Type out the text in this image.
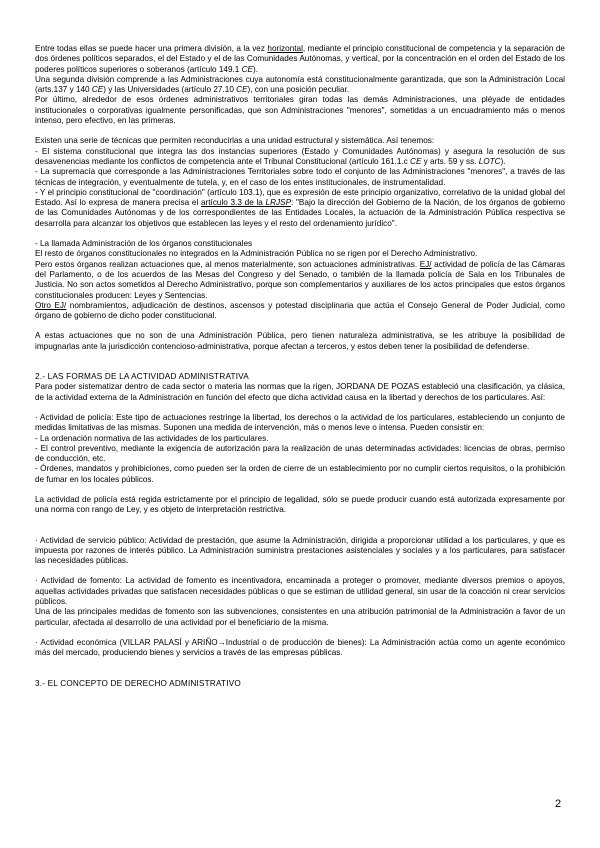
Entre todas ellas se puede hacer una primera división, a la vez horizontal, mediante el principio constitucional de competencia y la separación de dos órdenes políticos separados, el del Estado y el de las Comunidades Autónomas, y vertical, por la concentración en el orden del Estado de los poderes políticos superiores o soberanos (artículo 149.1 CE).

Una segunda división comprende a las Administraciones cuya autonomía está constitucionalmente garantizada, que son la Administración Local (arts.137 y 140 CE) y las Universidades (artículo 27.10 CE), con una posición peculiar.

Por último, alrededor de esos órdenes administrativos territoriales giran todas las demás Administraciones, una pléyade de entidades institucionales o corporativas igualmente personificadas, que son Administraciones "menores", sometidas a un encuadramiento más o menos intenso, pero efectivo, en las primeras.

Existen una serie de técnicas que permiten reconducirlas a una unidad estructural y sistemática. Así tenemos:

- El sistema constitucional que integra las dos instancias superiores (Estado y Comunidades Autónomas) y asegura la resolución de sus desavenencias mediante los conflictos de competencia ante el Tribunal Constitucional (artículo 161.1.c CE y arts. 59 y ss. LOTC).

- La supremacía que corresponde a las Administraciones Territoriales sobre todo el conjunto de las Administraciones "menores", a través de las técnicas de integración, y eventualmente de tutela, y, en el caso de los entes institucionales, de instrumentalidad.

- Y el principio constitucional de "coordinación" (artículo 103.1), que es expresión de este principio organizativo, correlativo de la unidad global del Estado. Así lo expresa de manera precisa el artículo 3.3 de la LRJSP: "Bajo la dirección del Gobierno de la Nación, de los órganos de gobierno de las Comunidades Autónomas y de los correspondientes de las Entidades Locales, la actuación de la Administración Pública respectiva se desarrolla para alcanzar los objetivos que establecen las leyes y el resto del ordenamiento jurídico".

- La llamada Administración de los órganos constitucionales

El resto de órganos constitucionales no integrados en la Administración Pública no se rigen por el Derecho Administrativo.

Pero estos órganos realizan actuaciones que, al menos materialmente, son actuaciones administrativas. EJ/ actividad de policía de las Cámaras del Parlamento, o de los acuerdos de las Mesas del Congreso y del Senado, o también de la llamada policía de Sala en los Tribunales de Justicia. No son actos sometidos al Derecho Administrativo, porque son complementarios y auxiliares de los actos principales que estos órganos constitucionales producen: Leyes y Sentencias.

Otro EJ/ nombramientos, adjudicación de destinos, ascensos y potestad disciplinaria que actúa el Consejo General de Poder Judicial, como órgano de gobierno de dicho poder constitucional.

A estas actuaciones que no son de una Administración Pública, pero tienen naturaleza administrativa, se les atribuye la posibilidad de impugnarlas ante la jurisdicción contencioso-administrativa, porque afectan a terceros, y estos deben tener la posibilidad de defenderse.

2.- LAS FORMAS DE LA ACTIVIDAD ADMINISTRATIVA

Para poder sistematizar dentro de cada sector o materia las normas que la rigen, JORDANA DE POZAS estableció una clasificación, ya clásica, de la actividad externa de la Administración en función del efecto que dicha actividad causa en la libertad y derechos de los particulares. Así:

· Actividad de policía: Este tipo de actuaciones restringe la libertad, los derechos o la actividad de los particulares, estableciendo un conjunto de medidas limitativas de las mismas. Suponen una medida de intervención, más o menos leve o intensa. Pueden consistir en:

- La ordenación normativa de las actividades de los particulares.

- El control preventivo, mediante la exigencia de autorización para la realización de unas determinadas actividades: licencias de obras, permiso de conducción, etc.

- Órdenes, mandatos y prohibiciones, como pueden ser la orden de cierre de un establecimiento por no cumplir ciertos requisitos, o la prohibición de fumar en los locales públicos.

La actividad de policía está regida estrictamente por el principio de legalidad, sólo se puede producir cuando está autorizada expresamente por una norma con rango de Ley, y es objeto de interpretación restrictiva.

· Actividad de servicio público: Actividad de prestación, que asume la Administración, dirigida a proporcionar utilidad a los particulares, y que es impuesta por razones de interés público. La Administración suministra prestaciones asistenciales y sociales y a los particulares, para satisfacer las necesidades públicas.

· Actividad de fomento: La actividad de fomento es incentivadora, encaminada a proteger o promover, mediante diversos premios o apoyos, aquellas actividades privadas que satisfacen necesidades públicas o que se estiman de utilidad general, sin usar de la coacción ni crear servicios públicos.

Una de las principales medidas de fomento son las subvenciones, consistentes en una atribución patrimonial de la Administración a favor de un particular, afectada al desarrollo de una actividad por el beneficiario de la misma.

· Actividad económica (VILLAR PALASÍ y ARIÑO→Industrial o de producción de bienes): La Administración actúa como un agente económico más del mercado, produciendo bienes y servicios a través de las empresas públicas.

3.- EL CONCEPTO DE DERECHO ADMINISTRATIVO

2
